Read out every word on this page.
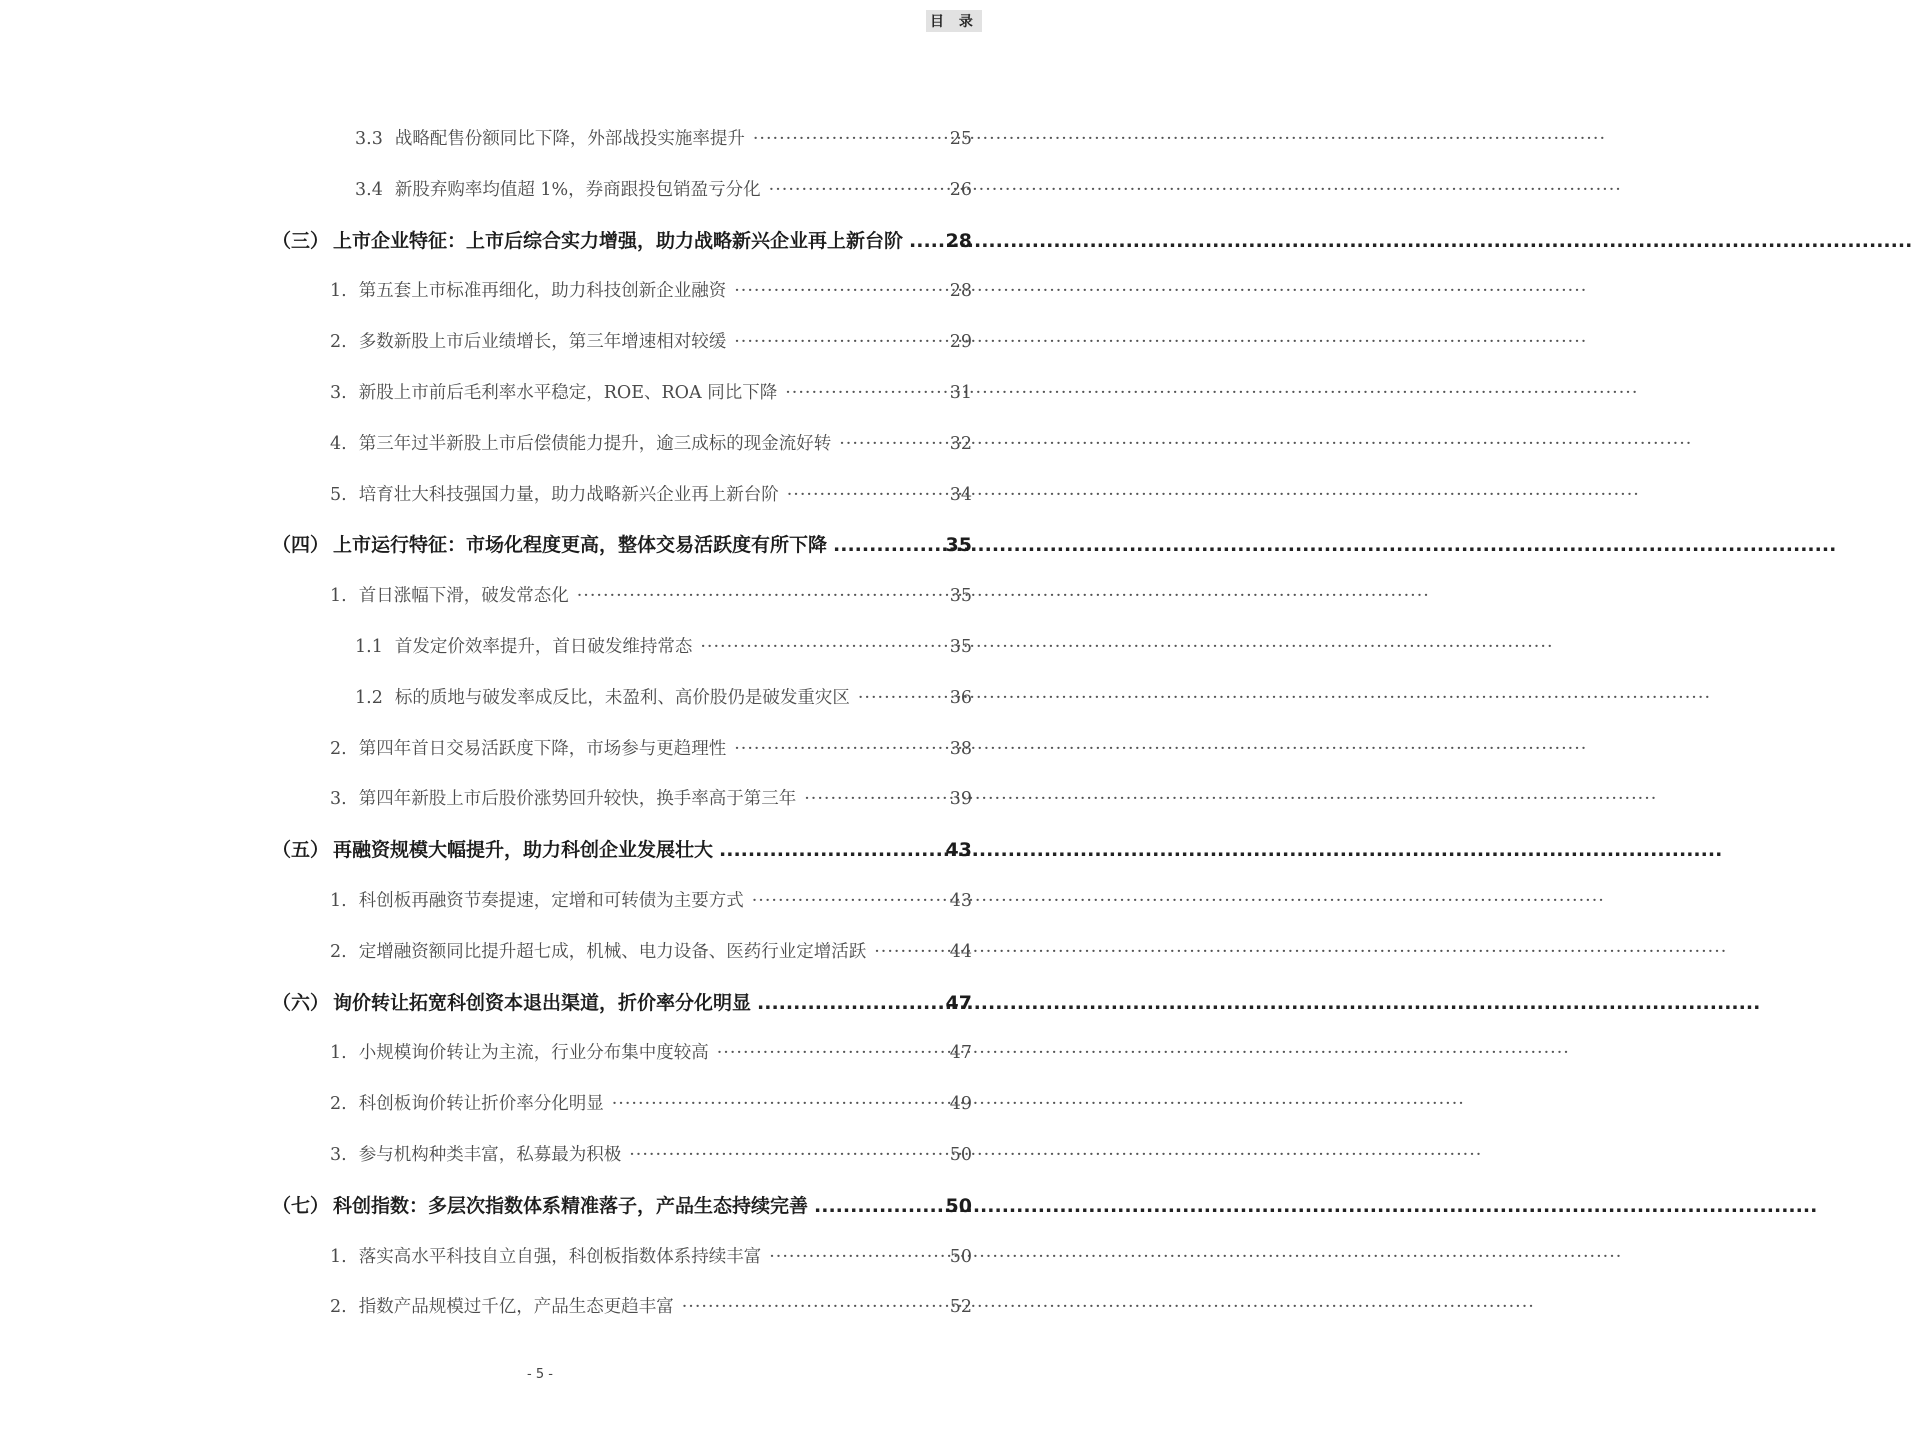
目 录
3.3 战略配售份额同比下降，外部战投实施率提升 ·····	25
3.4 新股弃购率均值超 1%，券商跟投包销盈亏分化 ·····	26
（三） 上市企业特征：上市后综合实力增强，助力战略新兴企业再上新台阶 ..... 28
1. 第五套上市标准再细化，助力科技创新企业融资 ·····	28
2. 多数新股上市后业绩增长，第三年增速相对较缓 ·····	29
3. 新股上市前后毛利率水平稳定，ROE、ROA 同比下降 ·····	31
4. 第三年过半新股上市后偿债能力提升，逾三成标的现金流好转 ·····	32
5. 培育壮大科技强国力量，助力战略新兴企业再上新台阶 ·····	34
（四） 上市运行特征：市场化程度更高，整体交易活跃度有所下降 .....	35
1. 首日涨幅下滑，破发常态化 ·····	35
1.1 首发定价效率提升，首日破发维持常态 ·····	35
1.2 标的质地与破发率成反比，未盈利、高价股仍是破发重灾区 ·····	36
2. 第四年首日交易活跃度下降，市场参与更趋理性 ·····	38
3. 第四年新股上市后股价涨势回升较快，换手率高于第三年 ·····	39
（五） 再融资规模大幅提升，助力科创企业发展壮大 .....	43
1. 科创板再融资节奏提速，定增和可转债为主要方式 ·····	43
2. 定增融资额同比提升超七成，机械、电力设备、医药行业定增活跃 ·····	44
（六） 询价转让拓宽科创资本退出渠道，折价率分化明显 .....	47
1. 小规模询价转让为主流，行业分布集中度较高 ·····	47
2. 科创板询价转让折价率分化明显 ·····	49
3. 参与机构种类丰富，私募最为积极 ·····	50
（七） 科创指数：多层次指数体系精准落子，产品生态持续完善 .....	50
1. 落实高水平科技自立自强，科创板指数体系持续丰富 ·····	50
2. 指数产品规模过千亿，产品生态更趋丰富 ·····	52
- 5 -
